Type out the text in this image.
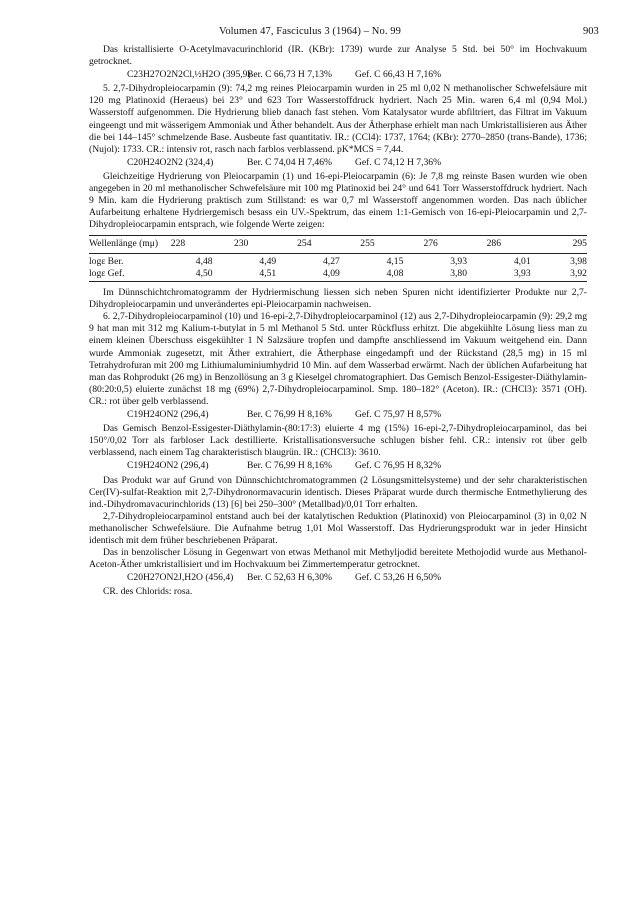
Volumen 47, Fasciculus 3 (1964) – No. 99	903

Das kristallisierte O-Acetylmavacurinchlorid (IR. (KBr): 1739) wurde zur Analyse 5 Std. bei 50° im Hochvakuum getrocknet.

C23H27O2N2Cl,½H2O (395,9)Ber. C 66,73 H 7,13% Gef. C 66,43 H 7,16%

5. 2,7-Dihydropleiocarpamin (9): 74,2 mg reines Pleiocarpamin wurden in 25 ml 0,02 N methanolischer Schwefelsäure mit 120 mg Platinoxid (Heraeus) bei 23° und 623 Torr Wasserstoffdruck hydriert. Nach 25 Min. waren 6,4 ml (0,94 Mol.) Wasserstoff aufgenommen. Die Hydrierung blieb danach fast stehen. Vom Katalysator wurde abfiltriert, das Filtrat im Vakuum eingeengt und mit wässerigem Ammoniak und Äther behandelt. Aus der Ätherphase erhielt man nach Umkristallisieren aus Äther die bei 144–145° schmelzende Base. Ausbeute fast quantitativ. IR.: (CCl4): 1737, 1764; (KBr): 2770–2850 (trans-Bande), 1736; (Nujol): 1733. CR.: intensiv rot, rasch nach farblos verblassend. pK*MCS = 7,44.

C20H24O2N2 (324,4)	Ber. C 74,04 H 7,46% Gef. C 74,12 H 7,36%

Gleichzeitige Hydrierung von Pleiocarpamin (1) und 16-epi-Pleiocarpamin (6): Je 7,8 mg reinste Basen wurden wie oben angegeben in 20 ml methanolischer Schwefelsäure mit 100 mg Platinoxid bei 24° und 641 Torr Wasserstoffdruck hydriert. Nach 9 Min. kam die Hydrierung praktisch zum Stillstand: es war 0,7 ml Wasserstoff angenommen worden. Das nach üblicher Aufarbeitung erhaltene Hydriergemisch besass ein UV.-Spektrum, das einem 1:1-Gemisch von 16-epi-Pleiocarpamin und 2,7-Dihydropleiocarpamin entsprach, wie folgende Werte zeigen:

Wellenlänge (mμ)	228	230	254	255	276	286	295
logε Ber.	4,48	4,49	4,27	4,15	3,93	4,01	3,98
logε Gef.	4,50	4,51	4,09	4,08	3,80	3,93	3,92

Im Dünnschichtchromatogramm der Hydriermischung liessen sich neben Spuren nicht identifizierter Produkte nur 2,7-Dihydropleiocarpamin und unverändertes epi-Pleiocarpamin nachweisen.

6. 2,7-Dihydropleiocarpaminol (10) und 16-epi-2,7-Dihydropleiocarpaminol (12) aus 2,7-Dihydropleiocarpamin (9): 29,2 mg 9 hat man mit 312 mg Kalium-t-butylat in 5 ml Methanol 5 Std. unter Rückfluss erhitzt. Die abgekühlte Lösung liess man zu einem kleinen Überschuss eisgekühlter 1 N Salzsäure tropfen und dampfte anschliessend im Vakuum weitgehend ein. Dann wurde Ammoniak zugesetzt, mit Äther extrahiert, die Ätherphase eingedampft und der Rückstand (28,5 mg) in 15 ml Tetrahydrofuran mit 200 mg Lithiumaluminiumhydrid 10 Min. auf dem Wasserbad erwärmt. Nach der üblichen Aufarbeitung hat man das Rohprodukt (26 mg) in Benzollösung an 3 g Kieselgel chromatographiert. Das Gemisch Benzol-Essigester-Diäthylamin-(80:20:0,5) eluierte zunächst 18 mg (69%) 2,7-Dihydropleiocarpaminol. Smp. 180–182° (Aceton). IR.: (CHCl3): 3571 (OH). CR.: rot über gelb verblassend.

C19H24ON2 (296,4)	Ber. C 76,99 H 8,16% Gef. C 75,97 H 8,57%

Das Gemisch Benzol-Essigester-Diäthylamin-(80:17:3) eluierte 4 mg (15%) 16-epi-2,7-Dihydropleiocarpaminol, das bei 150°/0,02 Torr als farbloser Lack destillierte. Kristallisationsversuche schlugen bisher fehl. CR.: intensiv rot über gelb verblassend, nach einem Tag charakteristisch blaugrün. IR.: (CHCl3): 3610.

C19H24ON2 (296,4)	Ber. C 76,99 H 8,16% Gef. C 76,95 H 8,32%

Das Produkt war auf Grund von Dünnschichtchromatogrammen (2 Lösungsmittelsysteme) und der sehr charakteristischen Cer(IV)-sulfat-Reaktion mit 2,7-Dihydronormavacurin identisch. Dieses Präparat wurde durch thermische Entmethylierung des ind.-Dihydromavacurinchlorids (13) [6] bei 250–300° (Metallbad)/0,01 Torr erhalten.

2,7-Dihydropleiocarpaminol entstand auch bei der katalytischen Reduktion (Platinoxid) von Pleiocarpaminol (3) in 0,02 N methanolischer Schwefelsäure. Die Aufnahme betrug 1,01 Mol Wasserstoff. Das Hydrierungsprodukt war in jeder Hinsicht identisch mit dem früher beschriebenen Präparat.

Das in benzolischer Lösung in Gegenwart von etwas Methanol mit Methyljodid bereitete Methojodid wurde aus Methanol-Aceton-Äther umkristallisiert und im Hochvakuum bei Zimmertemperatur getrocknet.

C20H27ON2J,H2O (456,4) Ber. C 52,63 H 6,30% Gef. C 53,26 H 6,50%

CR. des Chlorids: rosa.
